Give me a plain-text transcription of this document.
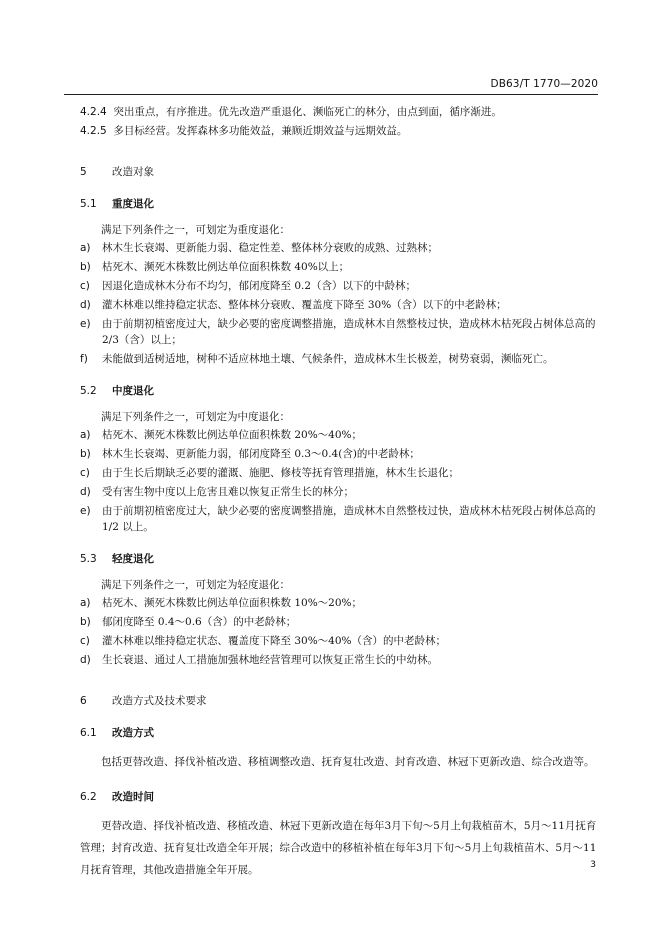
DB63/T 1770—2020
4.2.4 突出重点，有序推进。优先改造严重退化、濒临死亡的林分，由点到面，循序渐进。
4.2.5 多目标经营。发挥森林多功能效益，兼顾近期效益与远期效益。
5 改造对象
5.1 重度退化
满足下列条件之一，可划定为重度退化：
a) 林木生长衰竭、更新能力弱、稳定性差、整体林分衰败的成熟、过熟林；
b) 枯死木、濒死木株数比例达单位面积株数 40%以上；
c) 因退化造成林木分布不均匀，郁闭度降至 0.2（含）以下的中龄林；
d) 灌木林难以维持稳定状态、整体林分衰败、覆盖度下降至 30%（含）以下的中老龄林；
e) 由于前期初植密度过大，缺少必要的密度调整措施，造成林木自然整枝过快，造成林木枯死段占树体总高的 2/3（含）以上；
f) 未能做到适树适地，树种不适应林地土壤、气候条件，造成林木生长极差，树势衰弱，濒临死亡。
5.2 中度退化
满足下列条件之一，可划定为中度退化：
a) 枯死木、濒死木株数比例达单位面积株数 20%～40%；
b) 林木生长衰竭、更新能力弱，郁闭度降至 0.3～0.4(含)的中老龄林；
c) 由于生长后期缺乏必要的灌溉、施肥、修枝等抚育管理措施，林木生长退化；
d) 受有害生物中度以上危害且难以恢复正常生长的林分；
e) 由于前期初植密度过大，缺少必要的密度调整措施，造成林木自然整枝过快，造成林木枯死段占树体总高的 1/2 以上。
5.3 轻度退化
满足下列条件之一，可划定为轻度退化：
a) 枯死木、濒死木株数比例达单位面积株数 10%～20%；
b) 郁闭度降至 0.4～0.6（含）的中老龄林；
c) 灌木林难以维持稳定状态、覆盖度下降至 30%～40%（含）的中老龄林；
d) 生长衰退、通过人工措施加强林地经营管理可以恢复正常生长的中幼林。
6 改造方式及技术要求
6.1 改造方式
包括更替改造、择伐补植改造、移植调整改造、抚育复壮改造、封育改造、林冠下更新改造、综合改造等。
6.2 改造时间
更替改造、择伐补植改造、移植改造、林冠下更新改造在每年3月下旬～5月上旬栽植苗木，5月～11月抚育管理；封育改造、抚育复壮改造全年开展；综合改造中的移植补植在每年3月下旬～5月上旬栽植苗木、5月～11月抚育管理，其他改造措施全年开展。	3
